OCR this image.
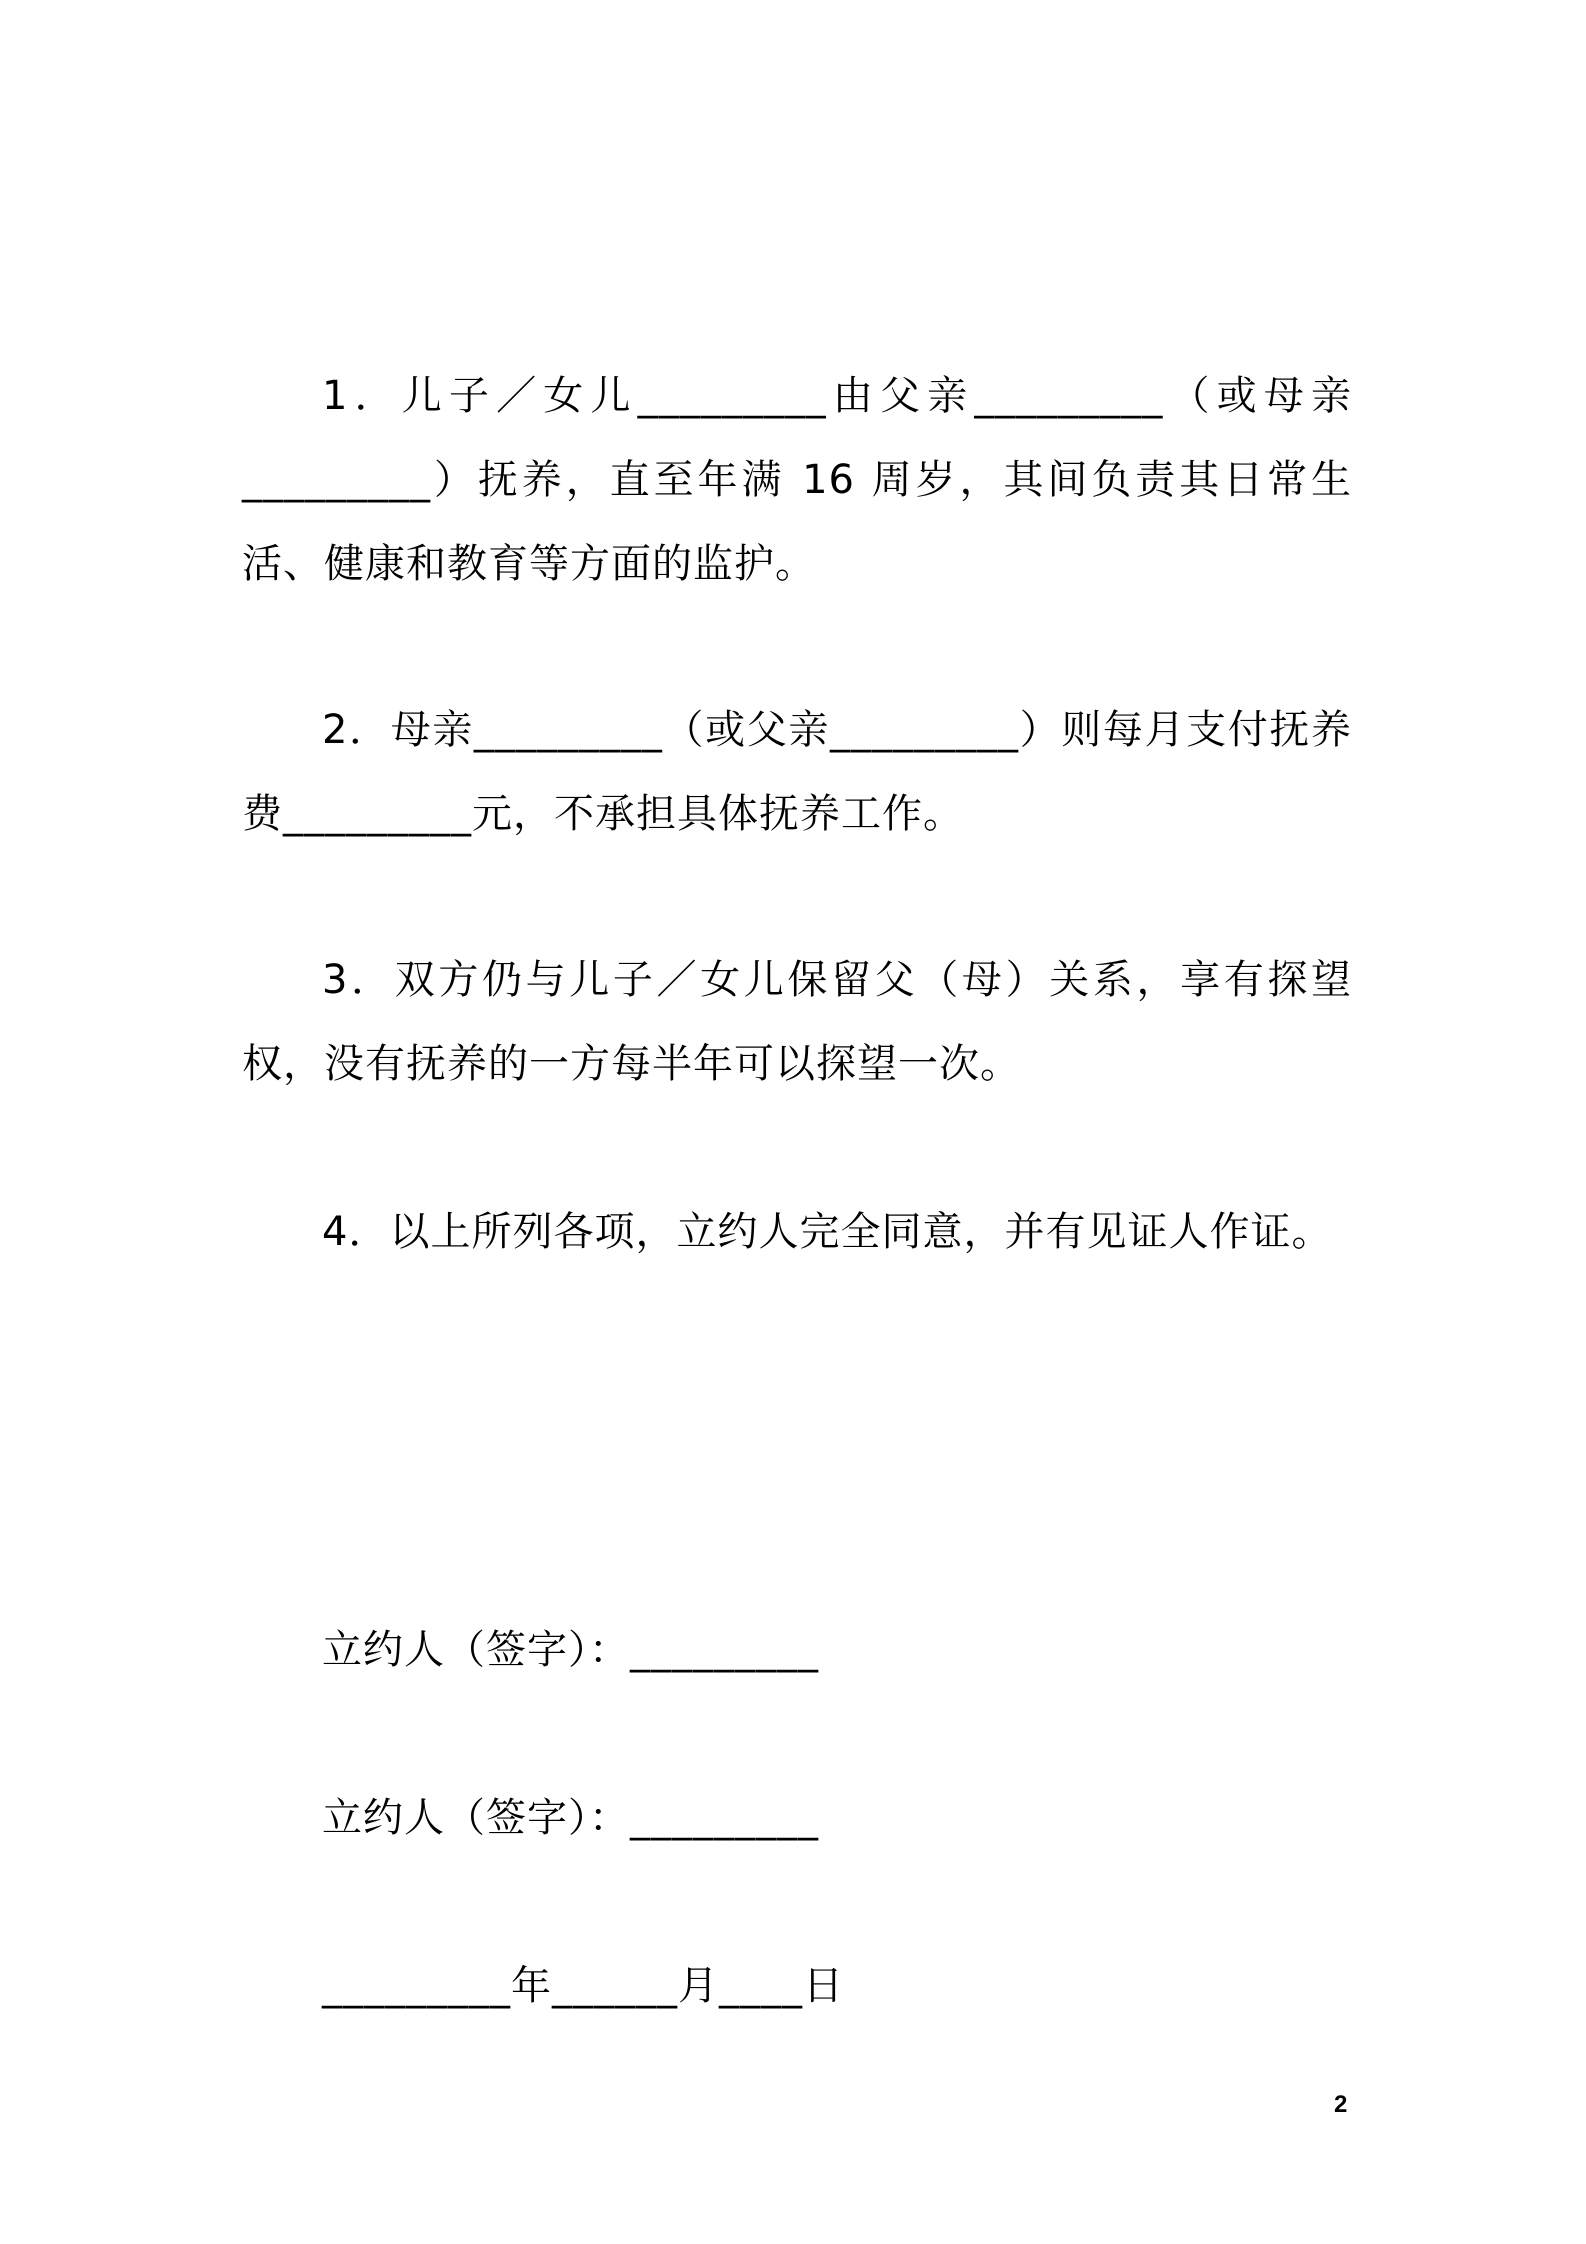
1．儿子／女儿_________由父亲_________（或母亲_________）抚养，直至年满 16 周岁，其间负责其日常生活、健康和教育等方面的监护。

2．母亲_________（或父亲_________）则每月支付抚养费_________元，不承担具体抚养工作。

3．双方仍与儿子／女儿保留父（母）关系，享有探望权，没有抚养的一方每半年可以探望一次。

4．以上所列各项，立约人完全同意，并有见证人作证。

立约人（签字）：_________
立约人（签字）：_________
_________年______月____日
2
